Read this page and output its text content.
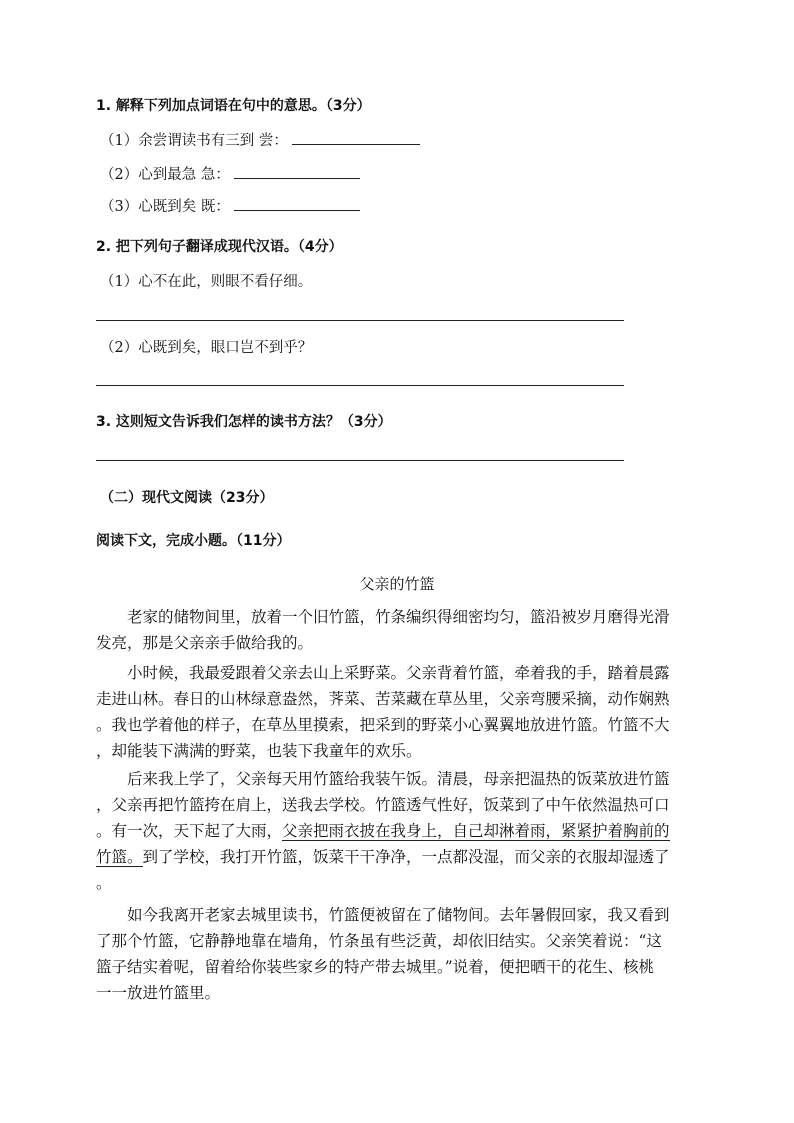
1. 解释下列加点词语在句中的意思。（3分）
（1）余尝谓读书有三到 尝：
（2）心到最急 急：
（3）心既到矣 既：
2. 把下列句子翻译成现代汉语。（4分）
（1）心不在此，则眼不看仔细。
（2）心既到矣，眼口岂不到乎？
3. 这则短文告诉我们怎样的读书方法？（3分）
（二）现代文阅读（23分）
阅读下文，完成小题。（11分）
父亲的竹篮
老家的储物间里，放着一个旧竹篮，竹条编织得细密均匀，篮沿被岁月磨得光滑
发亮，那是父亲亲手做给我的。
小时候，我最爱跟着父亲去山上采野菜。父亲背着竹篮，牵着我的手，踏着晨露
走进山林。春日的山林绿意盎然，荠菜、苦菜藏在草丛里，父亲弯腰采摘，动作娴熟
。我也学着他的样子，在草丛里摸索，把采到的野菜小心翼翼地放进竹篮。竹篮不大
，却能装下满满的野菜，也装下我童年的欢乐。
后来我上学了，父亲每天用竹篮给我装午饭。清晨，母亲把温热的饭菜放进竹篮
，父亲再把竹篮挎在肩上，送我去学校。竹篮透气性好，饭菜到了中午依然温热可口
。有一次，天下起了大雨，父亲把雨衣披在我身上，自己却淋着雨，紧紧护着胸前的
竹篮。到了学校，我打开竹篮，饭菜干干净净，一点都没湿，而父亲的衣服却湿透了
。
如今我离开老家去城里读书，竹篮便被留在了储物间。去年暑假回家，我又看到
了那个竹篮，它静静地靠在墙角，竹条虽有些泛黄，却依旧结实。父亲笑着说：“这
篮子结实着呢，留着给你装些家乡的特产带去城里。”说着，便把晒干的花生、核桃
一一放进竹篮里。
